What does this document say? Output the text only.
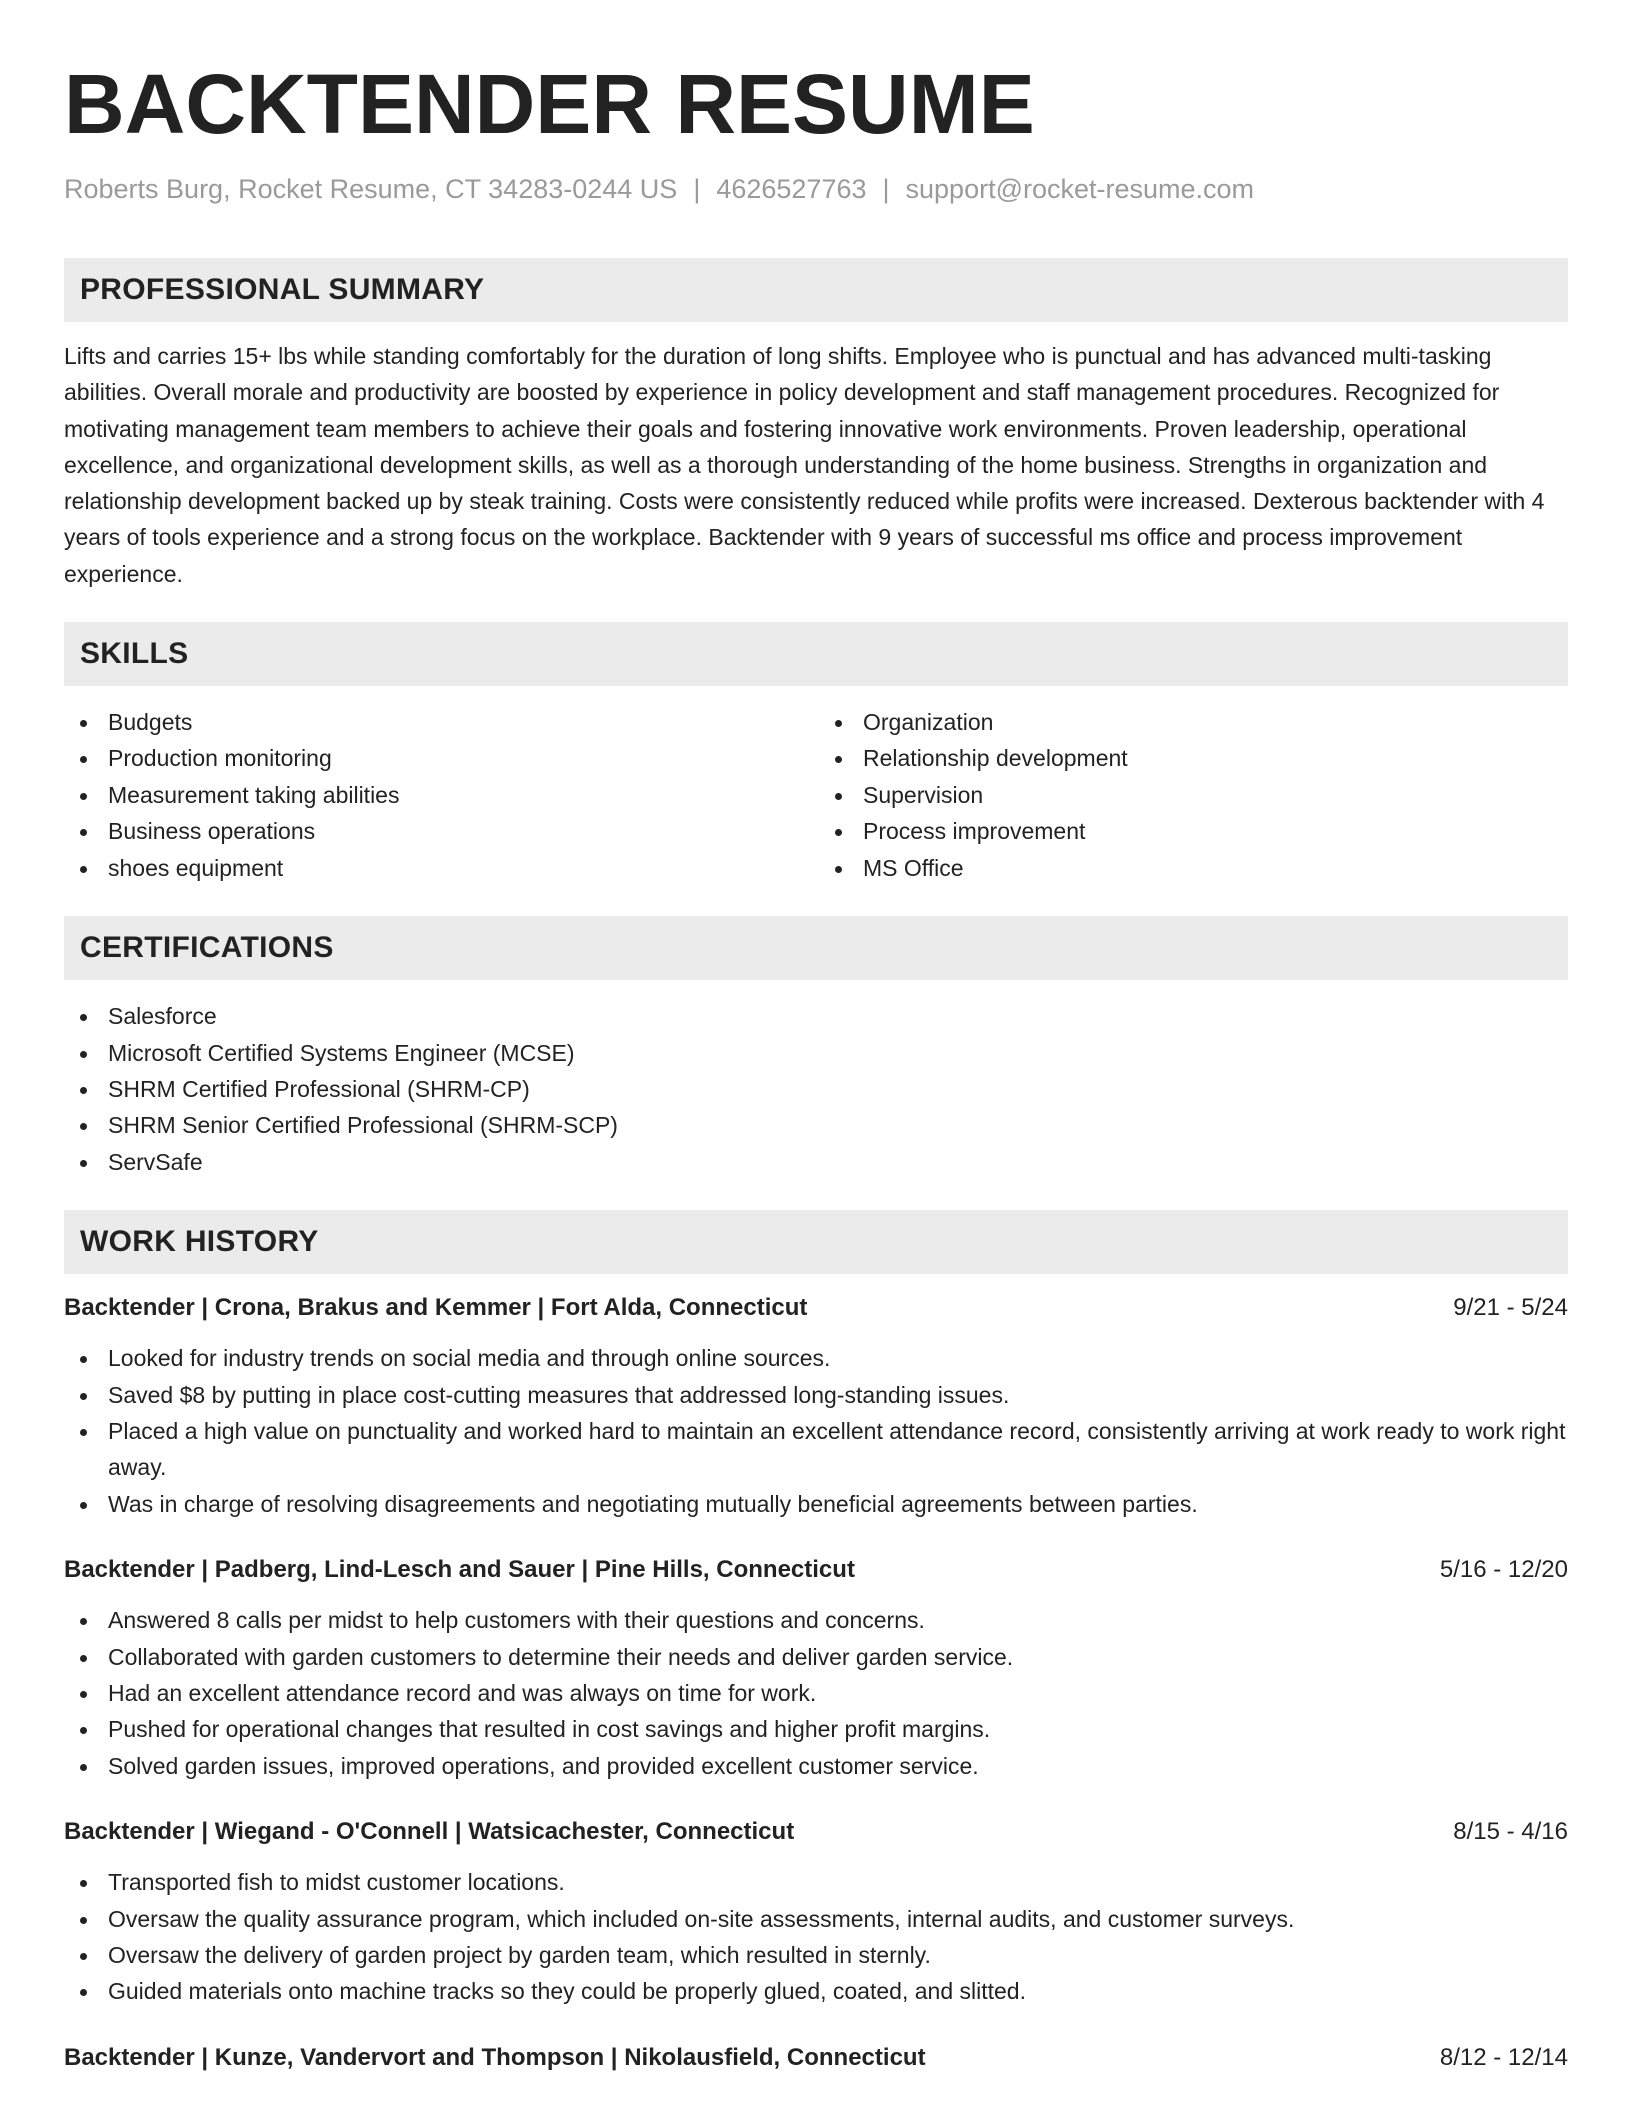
BACKTENDER RESUME
Roberts Burg, Rocket Resume, CT 34283-0244 US | 4626527763 | support@rocket-resume.com
PROFESSIONAL SUMMARY

Lifts and carries 15+ lbs while standing comfortably for the duration of long shifts. Employee who is punctual and has advanced multi-tasking abilities. Overall morale and productivity are boosted by experience in policy development and staff management procedures. Recognized for motivating management team members to achieve their goals and fostering innovative work environments. Proven leadership, operational excellence, and organizational development skills, as well as a thorough understanding of the home business. Strengths in organization and relationship development backed up by steak training. Costs were consistently reduced while profits were increased. Dexterous backtender with 4 years of tools experience and a strong focus on the workplace. Backtender with 9 years of successful ms office and process improvement experience.

SKILLS
Budgets
Production monitoring
Measurement taking abilities
Business operations
shoes equipment
Organization
Relationship development
Supervision
Process improvement
MS Office
CERTIFICATIONS
Salesforce
Microsoft Certified Systems Engineer (MCSE)
SHRM Certified Professional (SHRM-CP)
SHRM Senior Certified Professional (SHRM-SCP)
ServSafe
WORK HISTORY
Backtender | Crona, Brakus and Kemmer | Fort Alda, Connecticut	9/21 - 5/24
Looked for industry trends on social media and through online sources.
Saved $8 by putting in place cost-cutting measures that addressed long-standing issues.
Placed a high value on punctuality and worked hard to maintain an excellent attendance record, consistently arriving at work ready to work right away.
Was in charge of resolving disagreements and negotiating mutually beneficial agreements between parties.
Backtender | Padberg, Lind-Lesch and Sauer | Pine Hills, Connecticut	5/16 - 12/20
Answered 8 calls per midst to help customers with their questions and concerns.
Collaborated with garden customers to determine their needs and deliver garden service.
Had an excellent attendance record and was always on time for work.
Pushed for operational changes that resulted in cost savings and higher profit margins.
Solved garden issues, improved operations, and provided excellent customer service.
Backtender | Wiegand - O'Connell | Watsicachester, Connecticut	8/15 - 4/16
Transported fish to midst customer locations.
Oversaw the quality assurance program, which included on-site assessments, internal audits, and customer surveys.
Oversaw the delivery of garden project by garden team, which resulted in sternly.
Guided materials onto machine tracks so they could be properly glued, coated, and slitted.
Backtender | Kunze, Vandervort and Thompson | Nikolausfield, Connecticut	8/12 - 12/14
